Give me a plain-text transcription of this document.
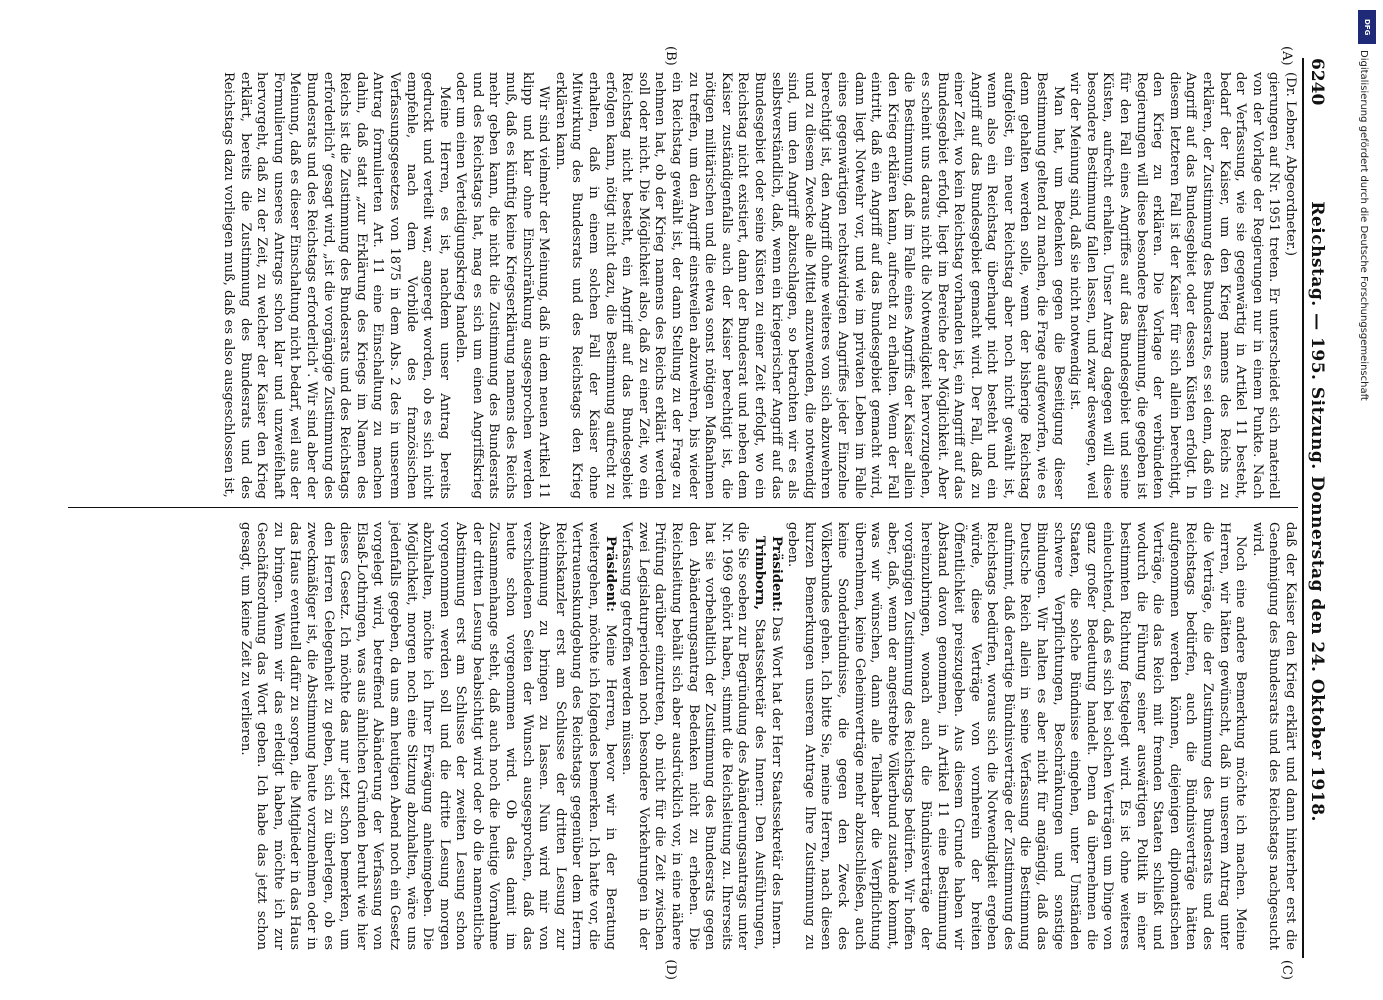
6240
Reichstag. — 195. Sitzung. Donnerstag den 24. Oktober 1918.
(A)
(B)

(Dr. Lebner, Abgeordneter.)

gierungen auf Nr. 1951 treten. Er unterscheidet sich materiell von der Vorlage der Regierungen nur in einem Punkte. Nach der Verfassung, wie sie gegenwärtig in Artikel 11 besteht, bedarf der Kaiser, um den Krieg namens des Reichs zu erklären, der Zustimmung des Bundesrats, es sei denn, daß ein Angriff auf das Bundesgebiet oder dessen Küsten erfolgt. In diesem letzteren Fall ist der Kaiser für sich allein berechtigt, den Krieg zu erklären. Die Vorlage der verbündeten Regierungen will diese besondere Bestimmung, die gegeben ist für den Fall eines Angriffes auf das Bundesgebiet und seine Küsten, aufrecht erhalten. Unser Antrag dagegen will diese besondere Bestimmung fallen lassen, und zwar deswegen, weil wir der Meinung sind, daß sie nicht notwendig ist.

Man hat, um Bedenken gegen die Beseitigung dieser Bestimmung geltend zu machen, die Frage aufgeworfen, wie es denn gehalten werden solle, wenn der bisherige Reichstag aufgelöst, ein neuer Reichstag aber noch nicht gewählt ist, wenn also ein Reichstag überhaupt nicht besteht und ein Angriff auf das Bundesgebiet gemacht wird. Der Fall, daß zu einer Zeit, wo kein Reichstag vorhanden ist, ein Angriff auf das Bundesgebiet erfolgt, liegt im Bereiche der Möglichkeit. Aber es scheint uns daraus nicht die Notwendigkeit hervorzugehen, die Bestimmung, daß im Falle eines Angriffs der Kaiser allein den Krieg erklären kann, aufrecht zu erhalten. Wenn der Fall eintritt, daß ein Angriff auf das Bundesgebiet gemacht wird, dann liegt Notwehr vor, und wie im privaten Leben im Falle eines gegenwärtigen rechtswidrigen Angriffes jeder Einzelne berechtigt ist, den Angriff ohne weiteres von sich abzuwehren und zu diesem Zwecke alle Mittel anzuwenden, die notwendig sind, um den Angriff abzuschlagen, so betrachten wir es als selbstverständlich, daß, wenn ein kriegerischer Angriff auf das Bundesgebiet oder seine Küsten zu einer Zeit erfolgt, wo ein Reichstag nicht existiert, dann der Bundesrat und neben dem Kaiser zuständigenfalls auch der Kaiser berechtigt ist, die nötigen militärischen und die etwa sonst nötigen Maßnahmen zu treffen, um den Angriff einstweilen abzuwehren, bis wieder ein Reichstag gewählt ist, der dann Stellung zu der Frage zu nehmen hat, ob der Krieg namens des Reichs erklärt werden soll oder nicht. Die Möglichkeit also, daß zu einer Zeit, wo ein Reichstag nicht besteht, ein Angriff auf das Bundesgebiet erfolgen kann, nötigt nicht dazu, die Bestimmung aufrecht zu erhalten, daß in einem solchen Fall der Kaiser ohne Mitwirkung des Bundesrats und des Reichstags den Krieg erklären kann.

Wir sind vielmehr der Meinung, daß in dem neuen Artikel 11 klipp und klar ohne Einschränkung ausgesprochen werden muß, daß es künftig keine Kriegserklärung namens des Reichs mehr geben kann, die nicht die Zustimmung des Bundesrats und des Reichstags hat, mag es sich um einen Angriffskrieg oder um einen Verteidigungskrieg handeln.

Meine Herren, es ist, nachdem unser Antrag bereits gedruckt und verteilt war, angeregt worden, ob es sich nicht empfehle, nach dem Vorbilde des französischen Verfassungsgesetzes von 1875 in dem Abs. 2 des in unserem Antrag formulierten Art. 11 eine Einschaltung zu machen dahin, daß statt „zur Erklärung des Kriegs im Namen des Reichs ist die Zustimmung des Bundesrats und des Reichstags erforderlich“ gesagt wird, „ist die vorgängige Zustimmung des Bundesrats und des Reichstags erforderlich“. Wir sind aber der Meinung, daß es dieser Einschaltung nicht bedarf, weil aus der Formulierung unseres Antrags schon klar und unzweifelhaft hervorgeht, daß zu der Zeit, zu welcher der Kaiser den Krieg erklärt, bereits die Zustimmung des Bundesrats und des Reichstags dazu vorliegen muß, daß es also ausgeschlossen ist,

(C)
(D)

daß der Kaiser den Krieg erklärt und dann hinterher erst die Genehmigung des Bundesrats und des Reichstags nachgesucht wird.

Noch eine andere Bemerkung möchte ich machen. Meine Herren, wir hätten gewünscht, daß in unserem Antrag unter die Verträge, die der Zustimmung des Bundesrats und des Reichstags bedürfen, auch die Bündnisverträge hätten aufgenommen werden können, diejenigen diplomatischen Verträge, die das Reich mit fremden Staaten schließt und wodurch die Führung seiner auswärtigen Politik in einer bestimmten Richtung festgelegt wird. Es ist ohne weiteres einleuchtend, daß es sich bei solchen Verträgen um Dinge von ganz großer Bedeutung handelt. Denn da übernehmen die Staaten, die solche Bündnisse eingehen, unter Umständen schwere Verpflichtungen, Beschränkungen und sonstige Bindungen. Wir halten es aber nicht für angängig, daß das Deutsche Reich allein in seine Verfassung die Bestimmung aufnimmt, daß derartige Bündnisverträge der Zustimmung des Reichstags bedürfen, woraus sich die Notwendigkeit ergeben würde, diese Verträge von vornherein der breiten Öffentlichkeit preiszugeben. Aus diesem Grunde haben wir Abstand davon genommen, in Artikel 11 eine Bestimmung hereinzubringen, wonach auch die Bündnisverträge der vorgängigen Zustimmung des Reichstags bedürfen. Wir hoffen aber, daß, wenn der angestrebte Völkerbund zustande kommt, was wir wünschen, dann alle Teilhaber die Verpflichtung übernehmen, keine Geheimverträge mehr abzuschließen, auch keine Sonderbündnisse, die gegen den Zweck des Völkerbundes gehen. Ich bitte Sie, meine Herren, nach diesen kurzen Bemerkungen unserem Antrage Ihre Zustimmung zu geben.

Präsident: Das Wort hat der Herr Staatssekretär des Innern.

Trimborn, Staatssekretär des Innern: Den Ausführungen, die Sie soeben zur Begründung des Abänderungsantrags unter Nr. 1969 gehört haben, stimmt die Reichsleitung zu. Ihrerseits hat sie vorbehaltlich der Zustimmung des Bundesrats gegen den Abänderungsantrag Bedenken nicht zu erheben. Die Reichsleitung behält sich aber ausdrücklich vor, in eine nähere Prüfung darüber einzutreten, ob nicht für die Zeit zwischen zwei Legislaturperioden noch besondere Vorkehrungen in der Verfassung getroffen werden müssen.

Präsident: Meine Herren, bevor wir in der Beratung weitergehen, möchte ich folgendes bemerken. Ich hatte vor, die Vertrauenskundgebung des Reichstags gegenüber dem Herrn Reichskanzler erst am Schlusse der dritten Lesung zur Abstimmung zu bringen zu lassen. Nun wird mir von verschiedenen Seiten der Wunsch ausgesprochen, daß das heute schon vorgenommen wird. Ob das damit im Zusammenhange steht, daß auch noch die heutige Vornahme der dritten Lesung beabsichtigt wird oder ob die namentliche Abstimmung erst am Schlusse der zweiten Lesung schon vorgenommen werden soll und die dritte Lesung morgen abzuhalten, möchte ich Ihrer Erwägung anheimgeben. Die Möglichkeit, morgen noch eine Sitzung abzuhalten, wäre uns jedenfalls gegeben, da uns am heutigen Abend noch ein Gesetz vorgelegt wird, betreffend Abänderung der Verfassung von Elsaß-Lothringen, was aus ähnlichen Gründen beruht wie hier dieses Gesetz. Ich möchte das nur jetzt schon bemerken, um den Herren Gelegenheit zu geben, sich zu überlegen, ob es zweckmäßiger ist, die Abstimmung heute vorzunehmen oder in das Haus eventuell dafür zu sorgen, die Mitglieder in das Haus zu bringen. Wenn wir das erledigt haben, möchte ich zur Geschäftsordnung das Wort geben. Ich habe das jetzt schon gesagt, um keine Zeit zu verlieren.

DFG
Digitalisierung gefördert durch die Deutsche Forschungsgemeinschaft
